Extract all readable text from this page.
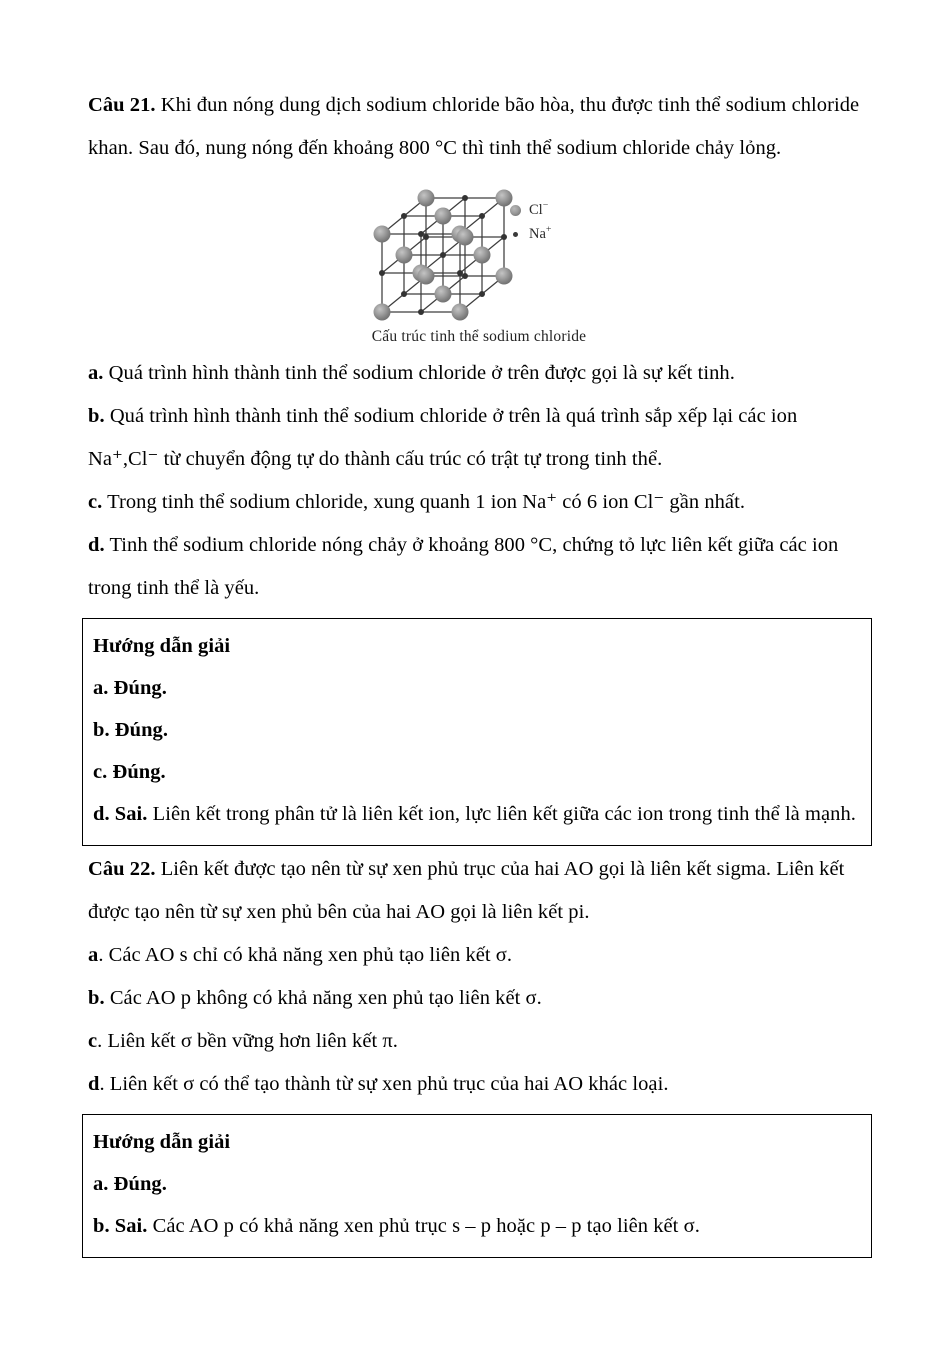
Câu 21. Khi đun nóng dung dịch sodium chloride bão hòa, thu được tinh thể sodium chloride khan. Sau đó, nung nóng đến khoảng 800 °C thì tinh thể sodium chloride chảy lỏng.

Cl−
Na+
Cấu trúc tinh thể sodium chloride

a. Quá trình hình thành tinh thể sodium chloride ở trên được gọi là sự kết tinh.

b. Quá trình hình thành tinh thể sodium chloride ở trên là quá trình sắp xếp lại các ion Na⁺,Cl⁻ từ chuyển động tự do thành cấu trúc có trật tự trong tinh thể.

c. Trong tinh thể sodium chloride, xung quanh 1 ion Na⁺ có 6 ion Cl⁻ gần nhất.

d. Tinh thể sodium chloride nóng chảy ở khoảng 800 °C, chứng tỏ lực liên kết giữa các ion trong tinh thể là yếu.

Hướng dẫn giải

a. Đúng.

b. Đúng.

c. Đúng.

d. Sai. Liên kết trong phân tử là liên kết ion, lực liên kết giữa các ion trong tinh thể là mạnh.

Câu 22. Liên kết được tạo nên từ sự xen phủ trục của hai AO gọi là liên kết sigma. Liên kết được tạo nên từ sự xen phủ bên của hai AO gọi là liên kết pi.

a. Các AO s chỉ có khả năng xen phủ tạo liên kết σ.

b. Các AO p không có khả năng xen phủ tạo liên kết σ.

c. Liên kết σ bền vững hơn liên kết π.

d. Liên kết σ có thể tạo thành từ sự xen phủ trục của hai AO khác loại.

Hướng dẫn giải

a. Đúng.

b. Sai. Các AO p có khả năng xen phủ trục s – p hoặc p – p tạo liên kết σ.
